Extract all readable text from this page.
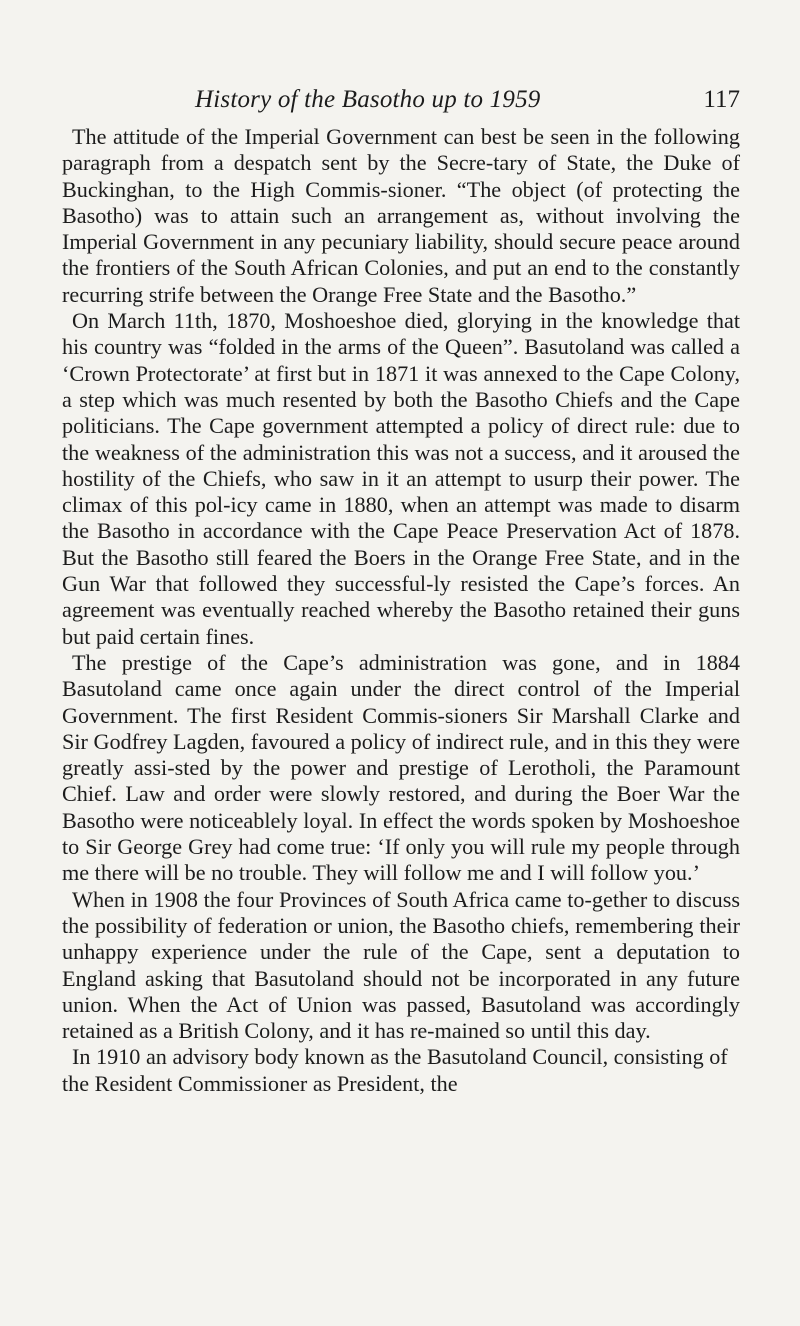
History of the Basotho up to 1959	117

The attitude of the Imperial Government can best be seen in the following paragraph from a despatch sent by the Secre-tary of State, the Duke of Buckinghan, to the High Commis-sioner. “The object (of protecting the Basotho) was to attain such an arrangement as, without involving the Imperial Government in any pecuniary liability, should secure peace around the frontiers of the South African Colonies, and put an end to the constantly recurring strife between the Orange Free State and the Basotho.”

On March 11th, 1870, Moshoeshoe died, glorying in the knowledge that his country was “folded in the arms of the Queen”. Basutoland was called a ‘Crown Protectorate’ at first but in 1871 it was annexed to the Cape Colony, a step which was much resented by both the Basotho Chiefs and the Cape politicians. The Cape government attempted a policy of direct rule: due to the weakness of the administration this was not a success, and it aroused the hostility of the Chiefs, who saw in it an attempt to usurp their power. The climax of this pol-icy came in 1880, when an attempt was made to disarm the Basotho in accordance with the Cape Peace Preservation Act of 1878. But the Basotho still feared the Boers in the Orange Free State, and in the Gun War that followed they successful-ly resisted the Cape’s forces. An agreement was eventually reached whereby the Basotho retained their guns but paid certain fines.

The prestige of the Cape’s administration was gone, and in 1884 Basutoland came once again under the direct control of the Imperial Government. The first Resident Commis-sioners Sir Marshall Clarke and Sir Godfrey Lagden, favoured a policy of indirect rule, and in this they were greatly assi-sted by the power and prestige of Lerotholi, the Paramount Chief. Law and order were slowly restored, and during the Boer War the Basotho were noticeablely loyal. In effect the words spoken by Moshoeshoe to Sir George Grey had come true: ‘If only you will rule my people through me there will be no trouble. They will follow me and I will follow you.’

When in 1908 the four Provinces of South Africa came to-gether to discuss the possibility of federation or union, the Basotho chiefs, remembering their unhappy experience under the rule of the Cape, sent a deputation to England asking that Basutoland should not be incorporated in any future union. When the Act of Union was passed, Basutoland was accordingly retained as a British Colony, and it has re-mained so until this day.

In 1910 an advisory body known as the Basutoland Council, consisting of the Resident Commissioner as President, the
